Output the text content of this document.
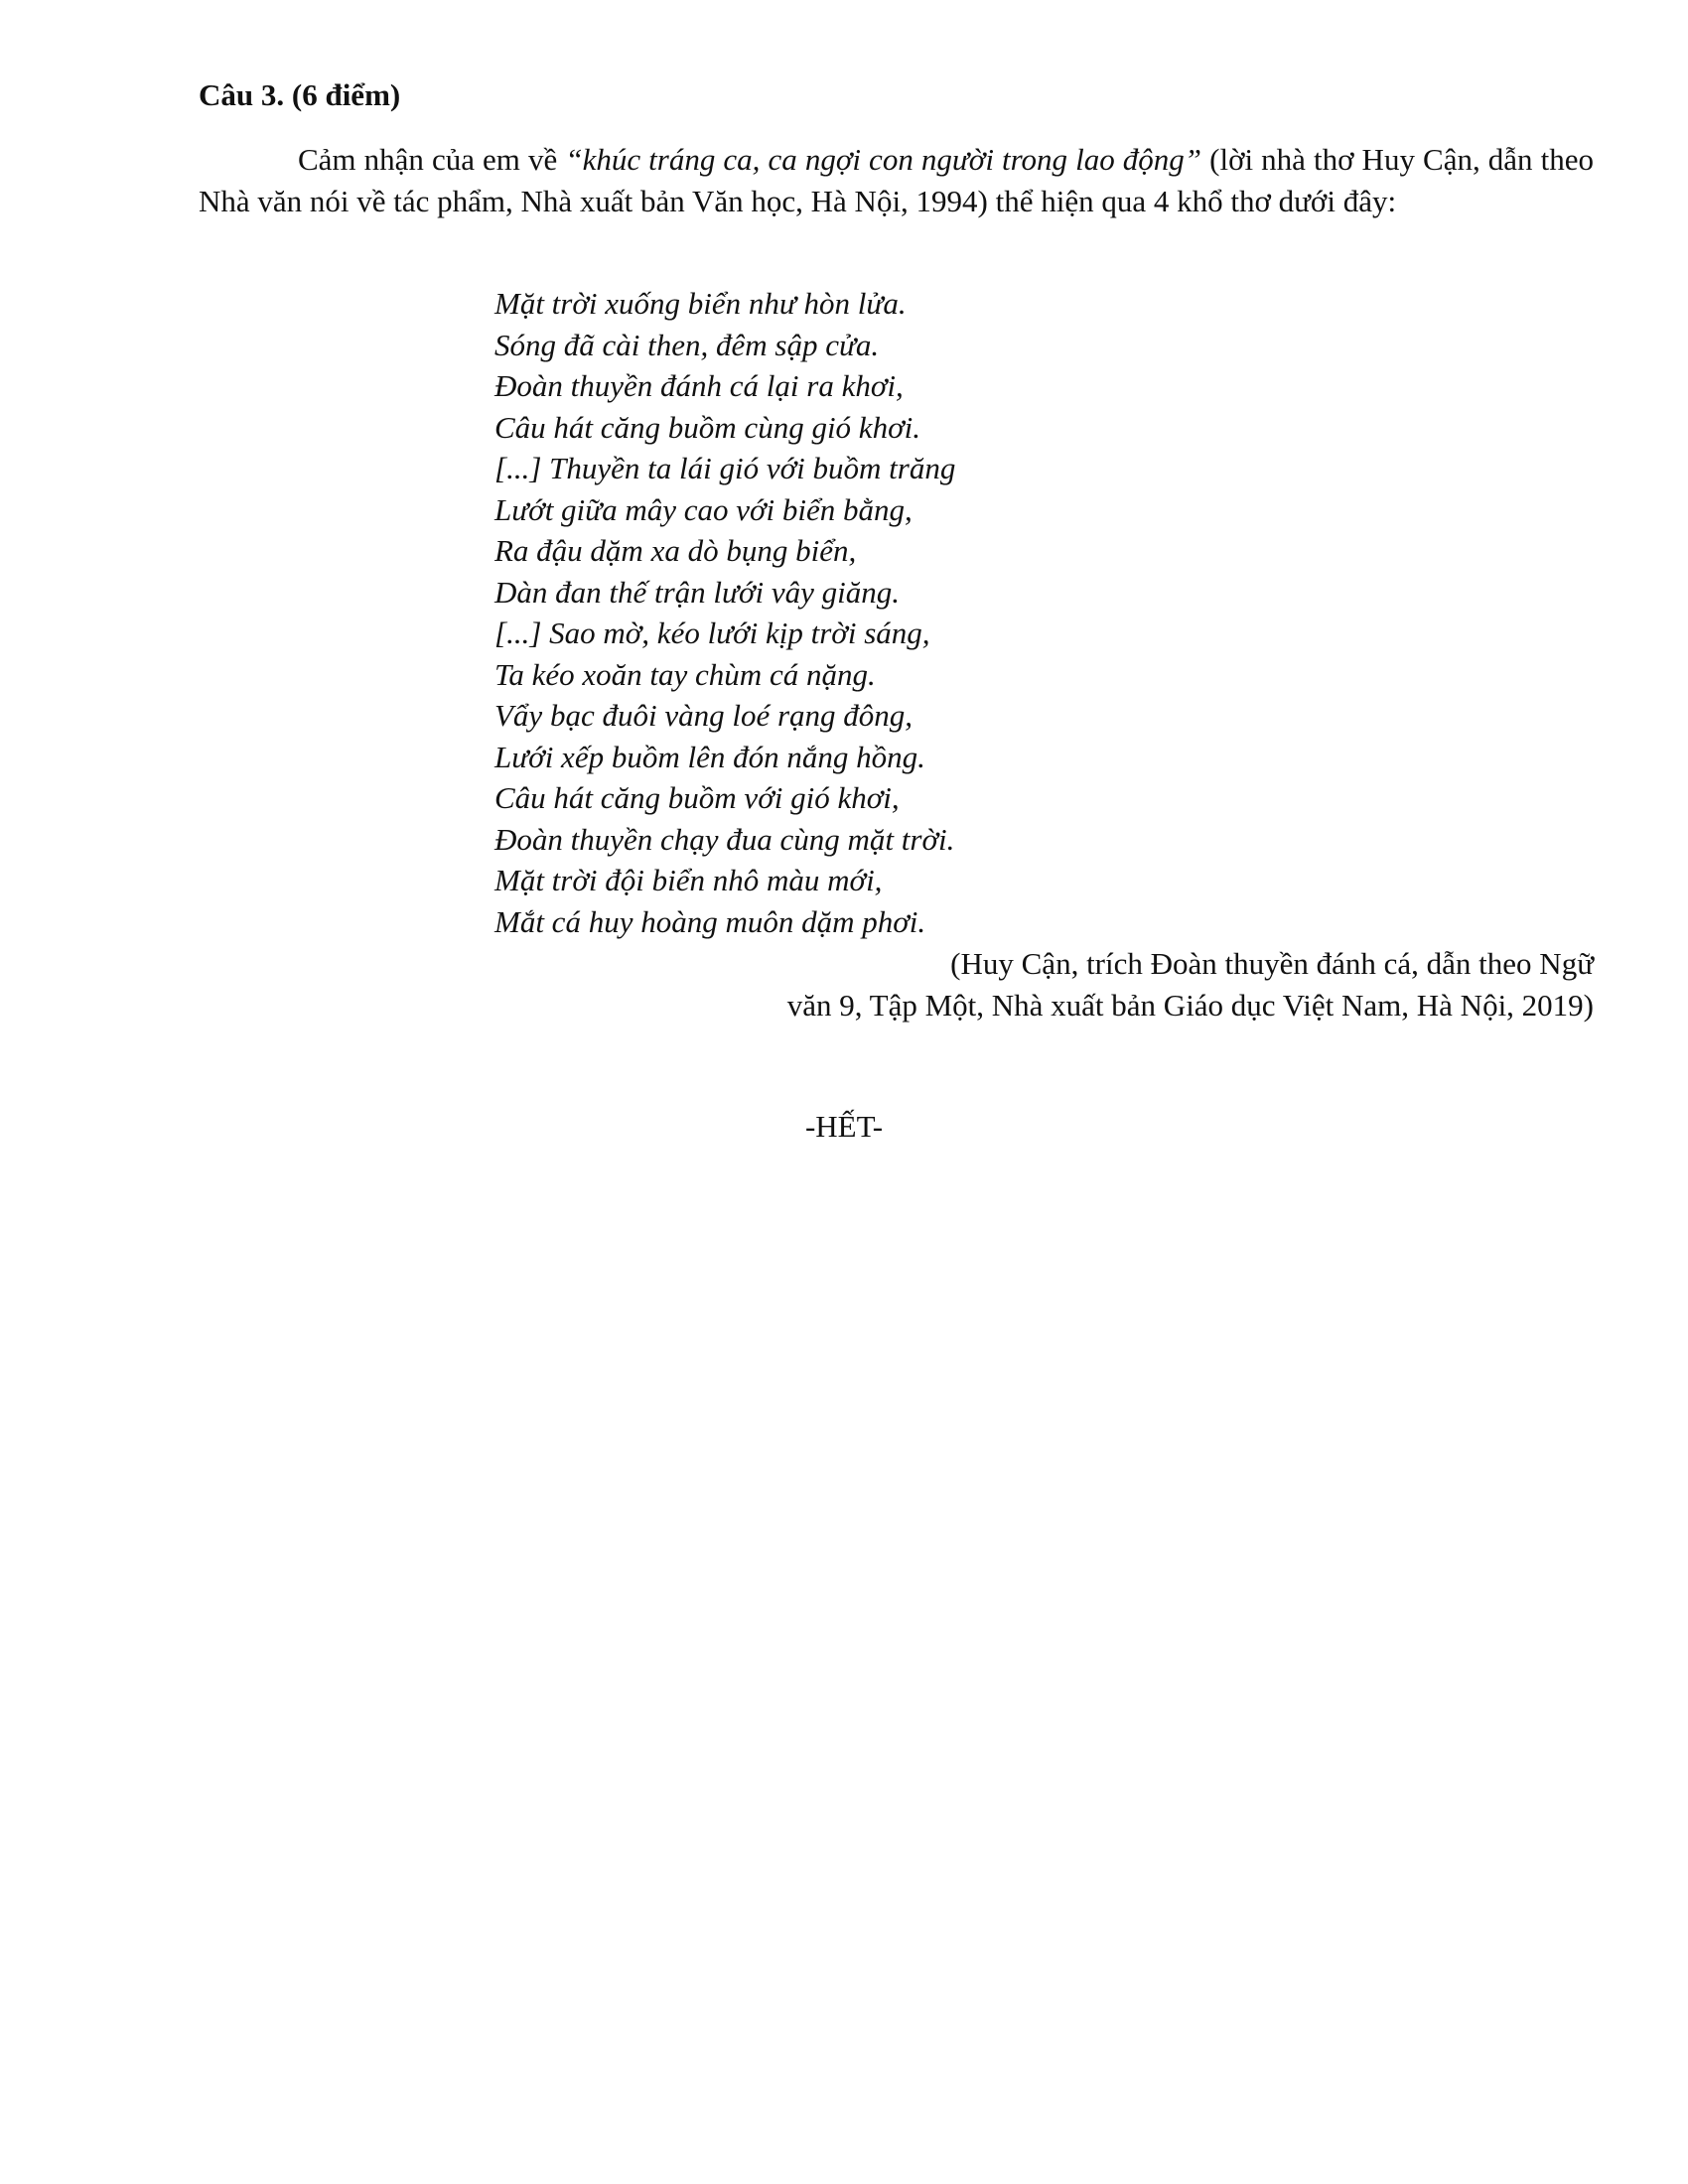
Câu 3. (6 điểm)

Cảm nhận của em về “khúc tráng ca, ca ngợi con người trong lao động” (lời nhà thơ Huy Cận, dẫn theo Nhà văn nói về tác phẩm, Nhà xuất bản Văn học, Hà Nội, 1994) thể hiện qua 4 khổ thơ dưới đây:

Mặt trời xuống biển như hòn lửa.
Sóng đã cài then, đêm sập cửa.
Đoàn thuyền đánh cá lại ra khơi,
Câu hát căng buồm cùng gió khơi.
[...] Thuyền ta lái gió với buồm trăng
Lướt giữa mây cao với biển bằng,
Ra đậu dặm xa dò bụng biển,
Dàn đan thế trận lưới vây giăng.
[...] Sao mờ, kéo lưới kịp trời sáng,
Ta kéo xoăn tay chùm cá nặng.
Vẩy bạc đuôi vàng loé rạng đông,
Lưới xếp buồm lên đón nắng hồng.
Câu hát căng buồm với gió khơi,
Đoàn thuyền chạy đua cùng mặt trời.
Mặt trời đội biển nhô màu mới,
Mắt cá huy hoàng muôn dặm phơi.

(Huy Cận, trích Đoàn thuyền đánh cá, dẫn theo Ngữ
văn 9, Tập Một, Nhà xuất bản Giáo dục Việt Nam, Hà Nội, 2019)

-HẾT-
